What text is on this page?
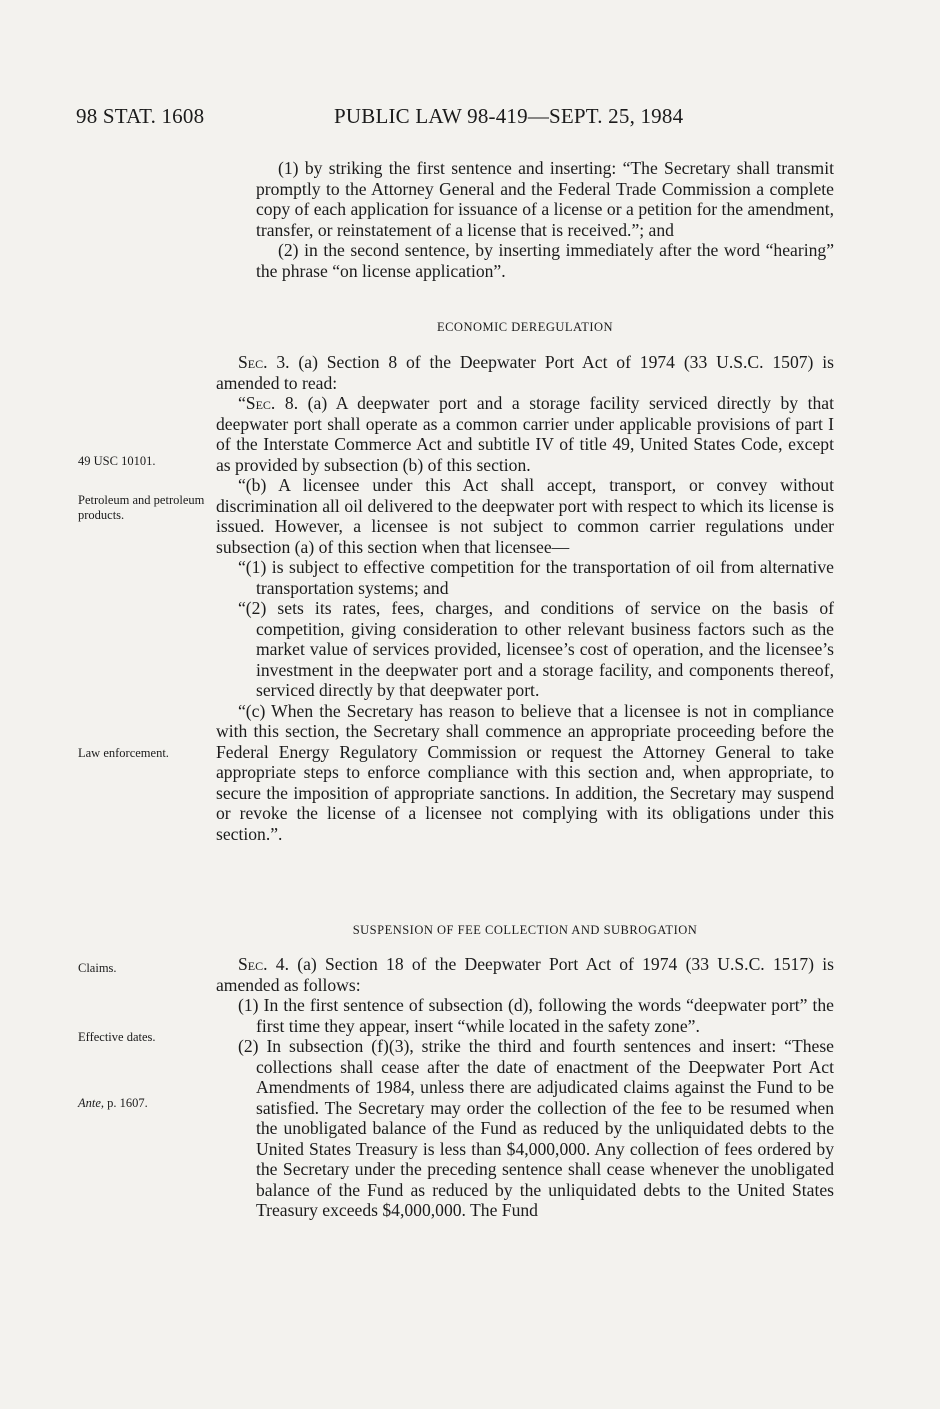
98 STAT. 1608	PUBLIC LAW 98-419—SEPT. 25, 1984
49 USC 10101.
Petroleum and petroleum products.
Law enforcement.
Claims.
Effective dates.
Ante, p. 1607.

(1) by striking the first sentence and inserting: “The Secretary shall transmit promptly to the Attorney General and the Federal Trade Commission a complete copy of each application for issuance of a license or a petition for the amendment, transfer, or reinstatement of a license that is received.”; and

(2) in the second sentence, by inserting immediately after the word “hearing” the phrase “on license application”.

ECONOMIC DEREGULATION

Sec. 3. (a) Section 8 of the Deepwater Port Act of 1974 (33 U.S.C. 1507) is amended to read:

“Sec. 8. (a) A deepwater port and a storage facility serviced directly by that deepwater port shall operate as a common carrier under applicable provisions of part I of the Interstate Commerce Act and subtitle IV of title 49, United States Code, except as provided by subsection (b) of this section.

“(b) A licensee under this Act shall accept, transport, or convey without discrimination all oil delivered to the deepwater port with respect to which its license is issued. However, a licensee is not subject to common carrier regulations under subsection (a) of this section when that licensee—

“(1) is subject to effective competition for the transportation of oil from alternative transportation systems; and

“(2) sets its rates, fees, charges, and conditions of service on the basis of competition, giving consideration to other relevant business factors such as the market value of services provided, licensee’s cost of operation, and the licensee’s investment in the deepwater port and a storage facility, and components thereof, serviced directly by that deepwater port.

“(c) When the Secretary has reason to believe that a licensee is not in compliance with this section, the Secretary shall commence an appropriate proceeding before the Federal Energy Regulatory Commission or request the Attorney General to take appropriate steps to enforce compliance with this section and, when appropriate, to secure the imposition of appropriate sanctions. In addition, the Secretary may suspend or revoke the license of a licensee not complying with its obligations under this section.”.

SUSPENSION OF FEE COLLECTION AND SUBROGATION

Sec. 4. (a) Section 18 of the Deepwater Port Act of 1974 (33 U.S.C. 1517) is amended as follows:

(1) In the first sentence of subsection (d), following the words “deepwater port” the first time they appear, insert “while located in the safety zone”.

(2) In subsection (f)(3), strike the third and fourth sentences and insert: “These collections shall cease after the date of enactment of the Deepwater Port Act Amendments of 1984, unless there are adjudicated claims against the Fund to be satisfied. The Secretary may order the collection of the fee to be resumed when the unobligated balance of the Fund as reduced by the unliquidated debts to the United States Treasury is less than $4,000,000. Any collection of fees ordered by the Secretary under the preceding sentence shall cease whenever the unobligated balance of the Fund as reduced by the unliquidated debts to the United States Treasury exceeds $4,000,000. The Fund
